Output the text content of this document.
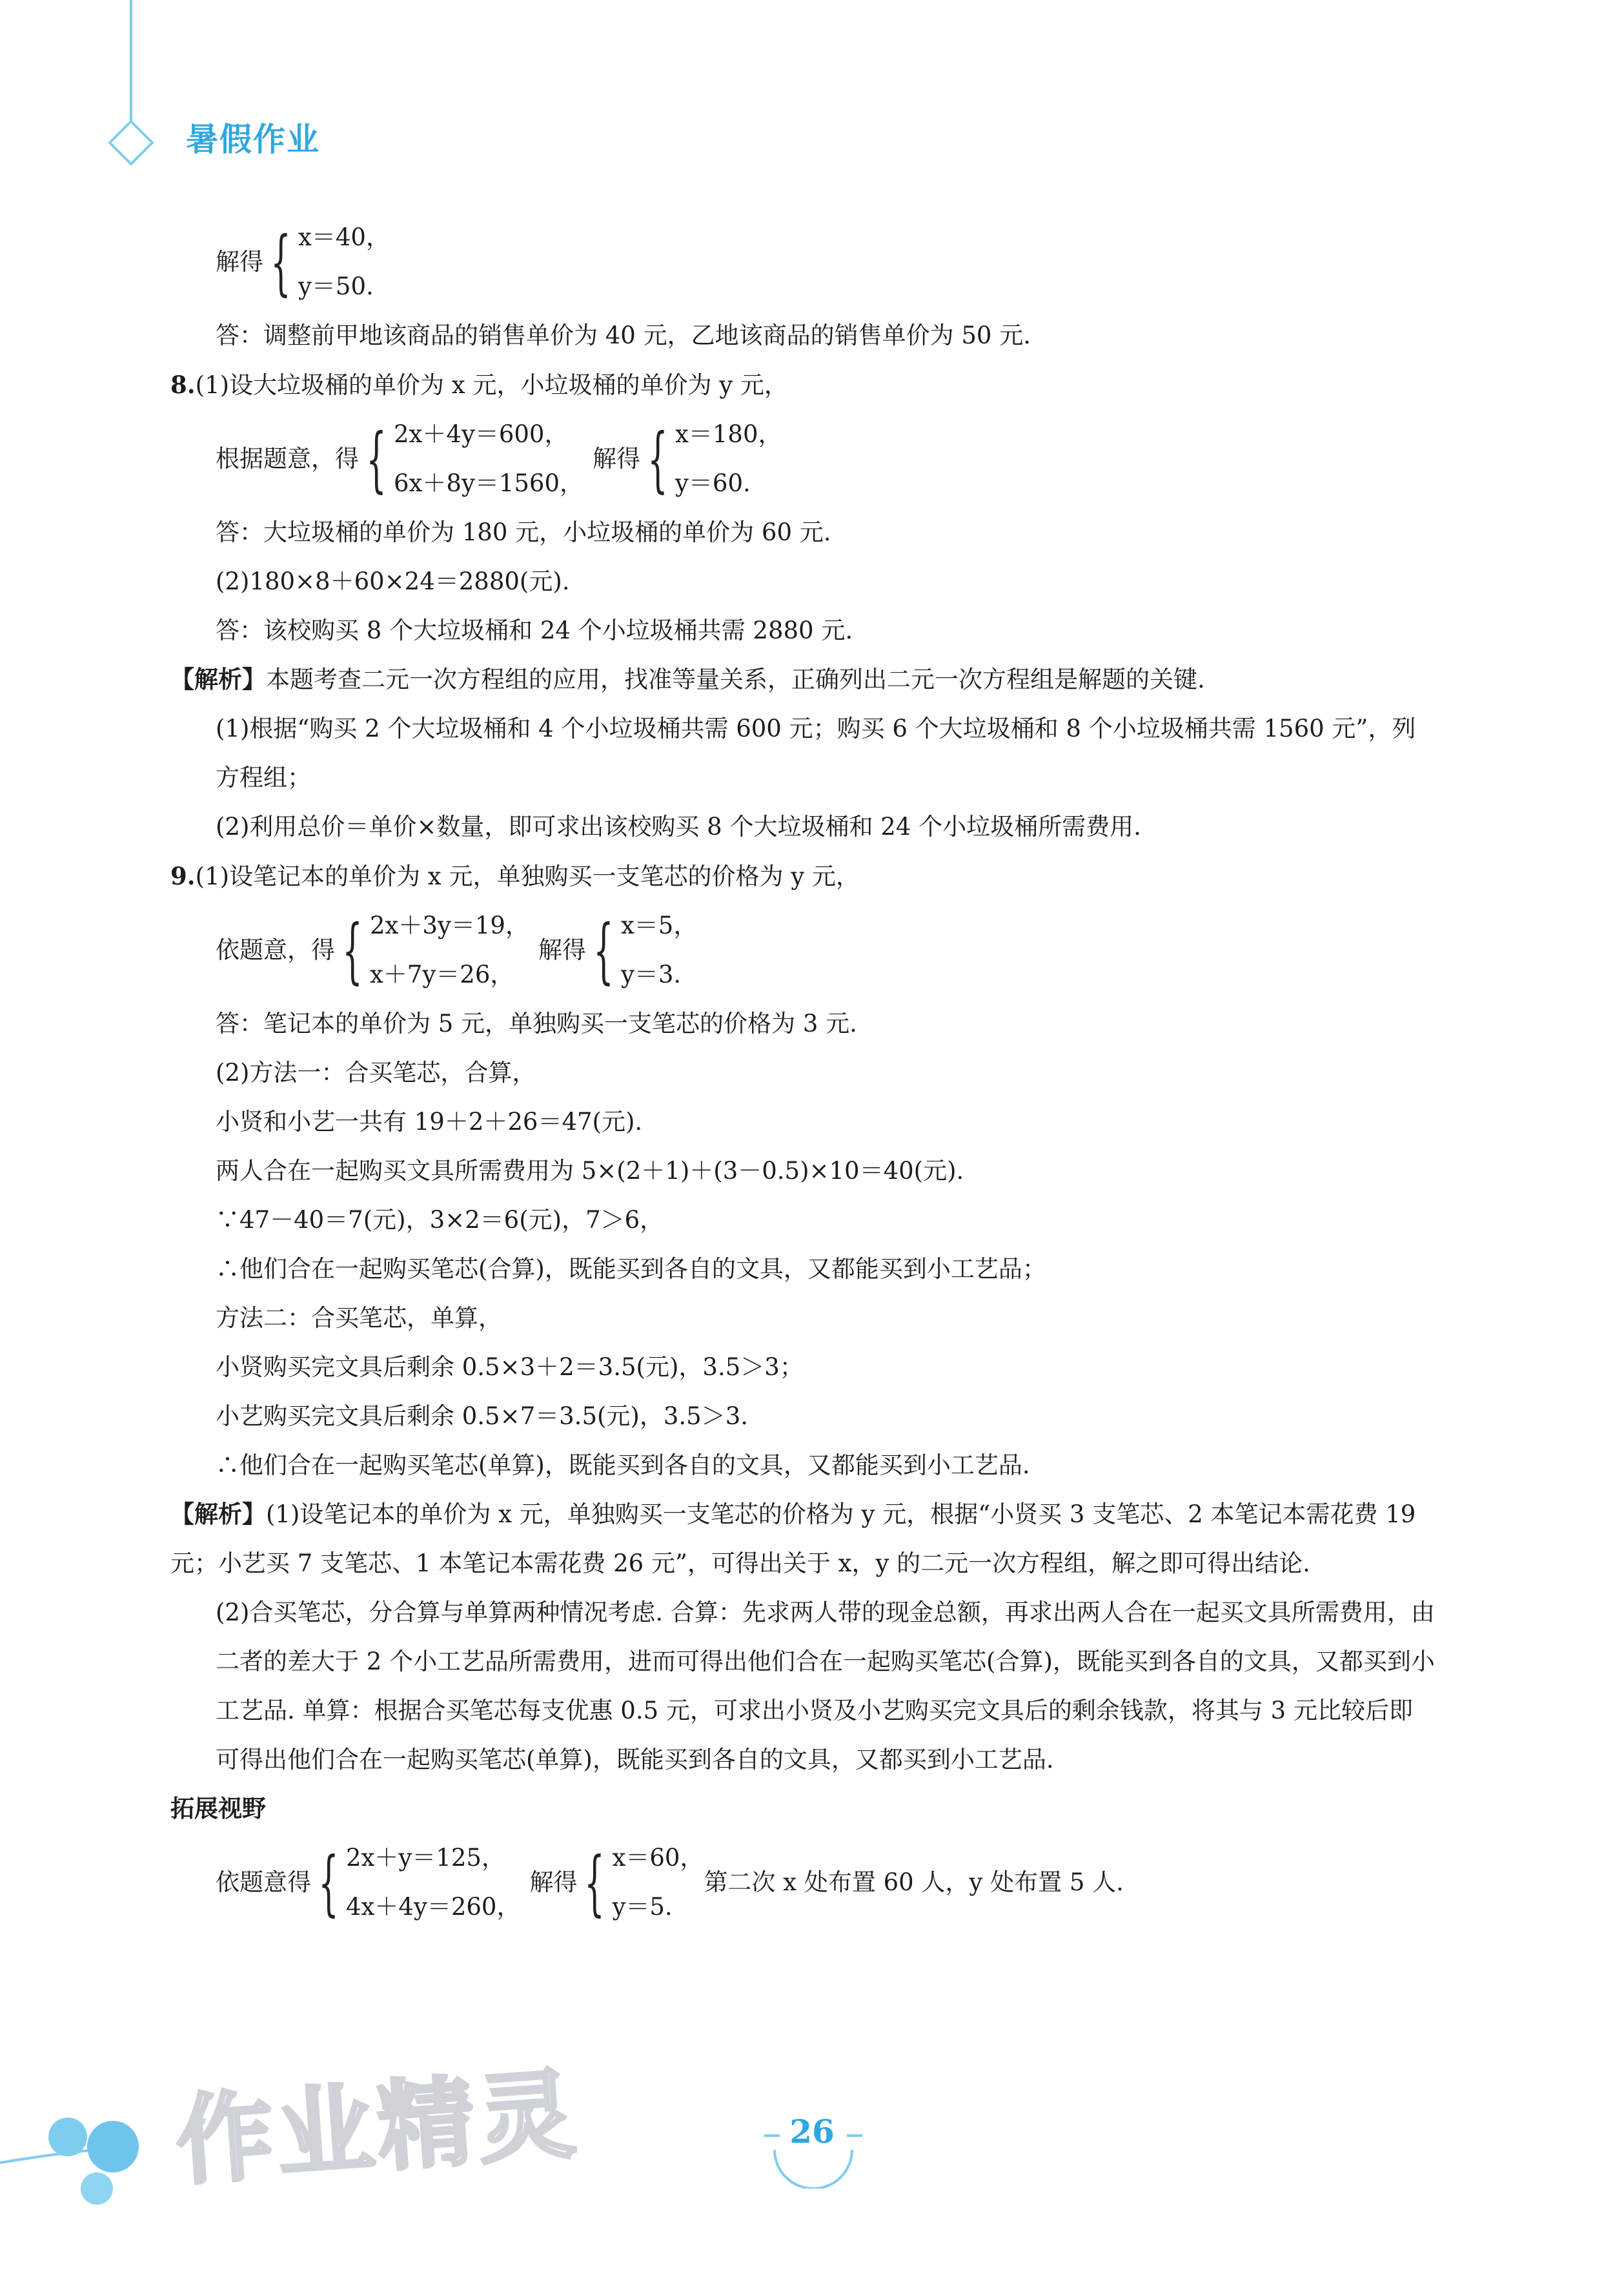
暑假作业
解得 { x＝40，
y＝50.
答：调整前甲地该商品的销售单价为 40 元，乙地该商品的销售单价为 50 元.
8.(1)设大垃圾桶的单价为 x 元，小垃圾桶的单价为 y 元，
根据题意，得 { 2x＋4y＝600，
6x＋8y＝1560，
解得 { x＝180，
y＝60.
答：大垃圾桶的单价为 180 元，小垃圾桶的单价为 60 元.
(2)180×8＋60×24＝2880(元).
答：该校购买 8 个大垃圾桶和 24 个小垃圾桶共需 2880 元.
【解析】本题考查二元一次方程组的应用，找准等量关系，正确列出二元一次方程组是解题的关键.
(1)根据“购买 2 个大垃圾桶和 4 个小垃圾桶共需 600 元；购买 6 个大垃圾桶和 8 个小垃圾桶共需 1560 元”，列方程组；
(2)利用总价＝单价×数量，即可求出该校购买 8 个大垃圾桶和 24 个小垃圾桶所需费用.
9.(1)设笔记本的单价为 x 元，单独购买一支笔芯的价格为 y 元，
依题意，得 { 2x＋3y＝19，
x＋7y＝26，
解得 { x＝5，
y＝3.
答：笔记本的单价为 5 元，单独购买一支笔芯的价格为 3 元.
(2)方法一：合买笔芯，合算，
小贤和小艺一共有 19＋2＋26＝47(元).
两人合在一起购买文具所需费用为 5×(2＋1)＋(3－0.5)×10＝40(元).
∵47－40＝7(元)，3×2＝6(元)，7＞6，
∴他们合在一起购买笔芯(合算)，既能买到各自的文具，又都能买到小工艺品；
方法二：合买笔芯，单算，
小贤购买完文具后剩余 0.5×3＋2＝3.5(元)，3.5＞3；
小艺购买完文具后剩余 0.5×7＝3.5(元)，3.5＞3.
∴他们合在一起购买笔芯(单算)，既能买到各自的文具，又都能买到小工艺品.
【解析】(1)设笔记本的单价为 x 元，单独购买一支笔芯的价格为 y 元，根据“小贤买 3 支笔芯、2 本笔记本需花费 19 元；小艺买 7 支笔芯、1 本笔记本需花费 26 元”，可得出关于 x，y 的二元一次方程组，解之即可得出结论.
(2)合买笔芯，分合算与单算两种情况考虑. 合算：先求两人带的现金总额，再求出两人合在一起买文具所需费用，由二者的差大于 2 个小工艺品所需费用，进而可得出他们合在一起购买笔芯(合算)，既能买到各自的文具，又都买到小工艺品. 单算：根据合买笔芯每支优惠 0.5 元，可求出小贤及小艺购买完文具后的剩余钱款，将其与 3 元比较后即可得出他们合在一起购买笔芯(单算)，既能买到各自的文具，又都买到小工艺品.
拓展视野
依题意得 { 2x＋y＝125，
4x＋4y＝260，
解得 { x＝60，
y＝5.
第二次 x 处布置 60 人，y 处布置 5 人.
作业精灵	26
